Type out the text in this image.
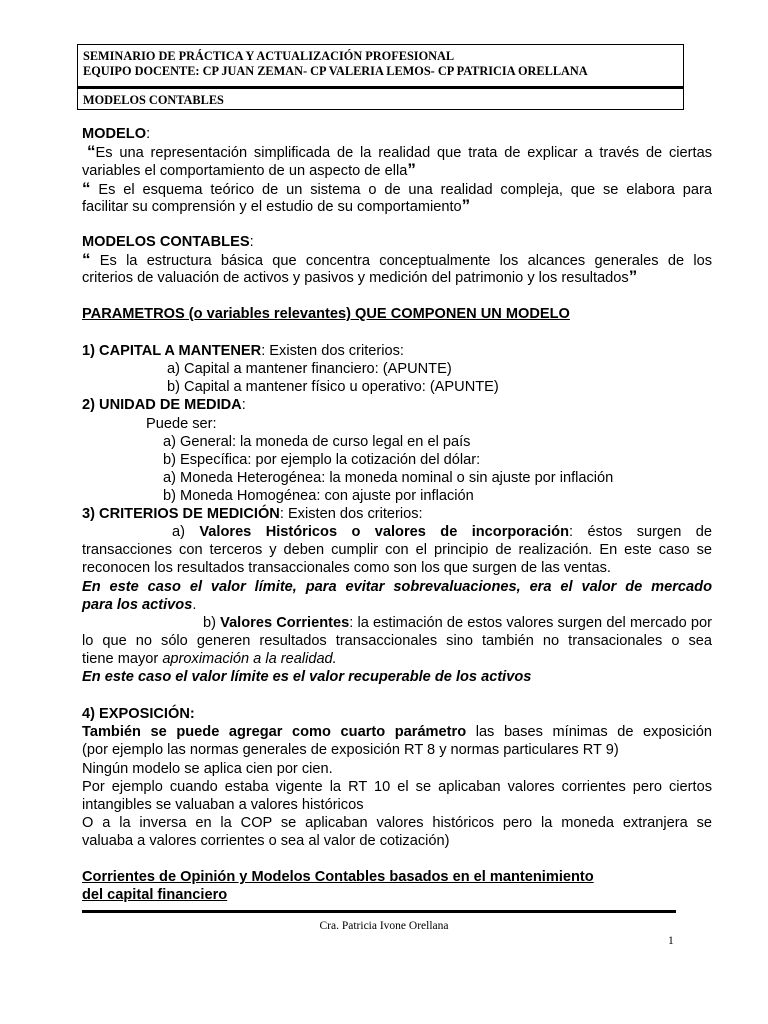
SEMINARIO DE PRÁCTICA Y ACTUALIZACIÓN PROFESIONAL
EQUIPO DOCENTE: CP JUAN ZEMAN- CP VALERIA LEMOS- CP PATRICIA ORELLANA
MODELOS CONTABLES

MODELO:

“Es una representación simplificada de la realidad que trata de explicar a través de ciertas

variables el comportamiento de un aspecto de ella”

“ Es el esquema teórico de un sistema o de una realidad compleja, que se elabora para

facilitar su comprensión y el estudio de su comportamiento”

MODELOS CONTABLES:

“ Es la estructura básica que concentra conceptualmente los alcances generales de los

criterios de valuación de activos y pasivos y medición del patrimonio y los resultados”

PARAMETROS (o variables relevantes) QUE COMPONEN UN MODELO

1) CAPITAL A MANTENER: Existen dos criterios:

a) Capital a mantener financiero: (APUNTE)

b) Capital a mantener físico u operativo: (APUNTE)

2) UNIDAD DE MEDIDA:

Puede ser:

a) General: la moneda de curso legal en el país

b) Específica: por ejemplo la cotización del dólar:

a) Moneda Heterogénea: la moneda nominal o sin ajuste por inflación

b) Moneda Homogénea: con ajuste por inflación

3) CRITERIOS DE MEDICIÓN: Existen dos criterios:

a) Valores Históricos o valores de incorporación: éstos surgen de

transacciones con terceros y deben cumplir con el principio de realización. En este caso se

reconocen los resultados transaccionales como son los que surgen de las ventas.

En este caso el valor límite, para evitar sobrevaluaciones, era el valor de mercado

para los activos.

b) Valores Corrientes: la estimación de estos valores surgen del mercado por

lo que no sólo generen resultados transaccionales sino también no transacionales o sea

tiene mayor aproximación a la realidad.

En este caso el valor límite es el valor recuperable de los activos

4) EXPOSICIÓN:

También se puede agregar como cuarto parámetro las bases mínimas de exposición

(por ejemplo las normas generales de exposición RT 8 y normas particulares RT 9)

Ningún modelo se aplica cien por cien.

Por ejemplo cuando estaba vigente la RT 10 el se aplicaban valores corrientes pero ciertos

intangibles se valuaban a valores históricos

O a la inversa en la COP se aplicaban valores históricos pero la moneda extranjera se

valuaba a valores corrientes o sea al valor de cotización)

Corrientes de Opinión y Modelos Contables basados en el mantenimiento

del capital financiero

Cra. Patricia Ivone Orellana
1
